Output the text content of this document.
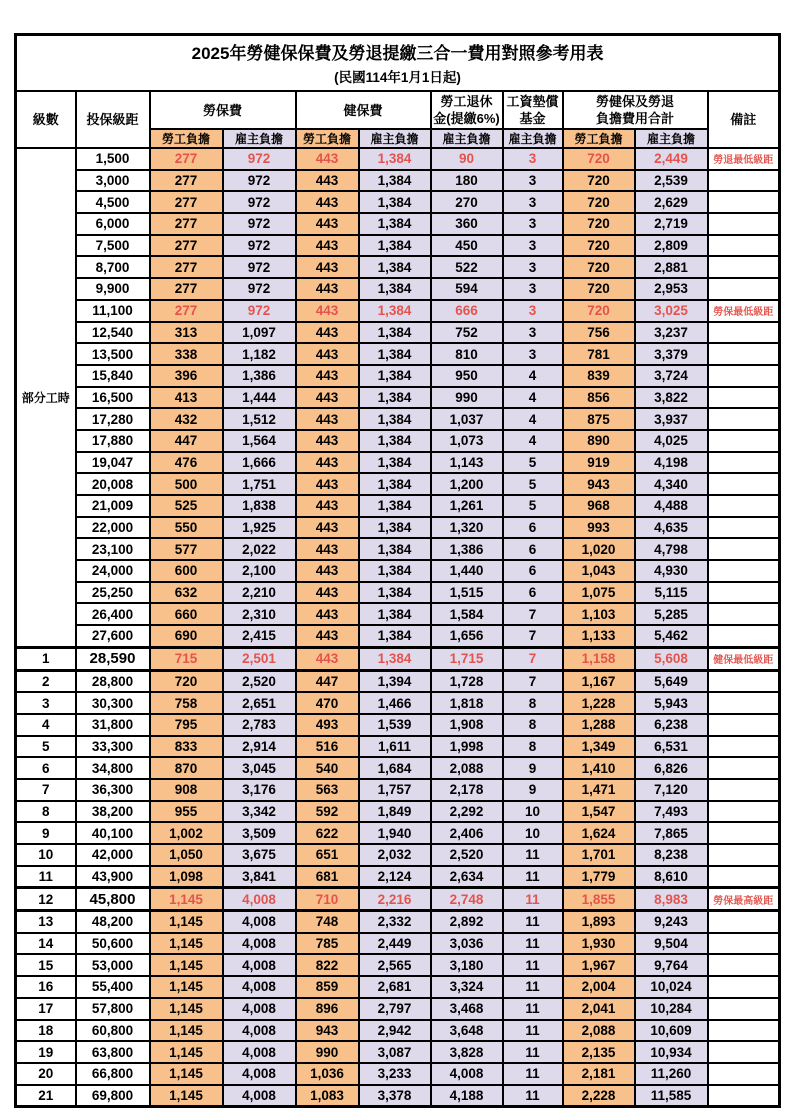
2025年勞健保保費及勞退提繳三合一費用對照參考用表
(民國114年1月1日起)										

級數	投保級距	勞保費		健保費		勞工退休
金(提繳6%)	工資墊償
基金	勞健保及勞退
負擔費用合計		備註
		勞工負擔	雇主負擔	勞工負擔	雇主負擔	雇主負擔	雇主負擔	勞工負擔	雇主負擔	
部分工時	1,500	277	972	443	1,384	90	3	720	2,449	勞退最低級距
	3,000	277	972	443	1,384	180	3	720	2,539	
	4,500	277	972	443	1,384	270	3	720	2,629	
	6,000	277	972	443	1,384	360	3	720	2,719	
	7,500	277	972	443	1,384	450	3	720	2,809	
	8,700	277	972	443	1,384	522	3	720	2,881	
	9,900	277	972	443	1,384	594	3	720	2,953	
	11,100	277	972	443	1,384	666	3	720	3,025	勞保最低級距
	12,540	313	1,097	443	1,384	752	3	756	3,237	
	13,500	338	1,182	443	1,384	810	3	781	3,379	
	15,840	396	1,386	443	1,384	950	4	839	3,724	
	16,500	413	1,444	443	1,384	990	4	856	3,822	
	17,280	432	1,512	443	1,384	1,037	4	875	3,937	
	17,880	447	1,564	443	1,384	1,073	4	890	4,025	
	19,047	476	1,666	443	1,384	1,143	5	919	4,198	
	20,008	500	1,751	443	1,384	1,200	5	943	4,340	
	21,009	525	1,838	443	1,384	1,261	5	968	4,488	
	22,000	550	1,925	443	1,384	1,320	6	993	4,635	
	23,100	577	2,022	443	1,384	1,386	6	1,020	4,798	
	24,000	600	2,100	443	1,384	1,440	6	1,043	4,930	
	25,250	632	2,210	443	1,384	1,515	6	1,075	5,115	
	26,400	660	2,310	443	1,384	1,584	7	1,103	5,285	
	27,600	690	2,415	443	1,384	1,656	7	1,133	5,462	
1	28,590	715	2,501	443	1,384	1,715	7	1,158	5,608	健保最低級距
2	28,800	720	2,520	447	1,394	1,728	7	1,167	5,649	
3	30,300	758	2,651	470	1,466	1,818	8	1,228	5,943	
4	31,800	795	2,783	493	1,539	1,908	8	1,288	6,238	
5	33,300	833	2,914	516	1,611	1,998	8	1,349	6,531	
6	34,800	870	3,045	540	1,684	2,088	9	1,410	6,826	
7	36,300	908	3,176	563	1,757	2,178	9	1,471	7,120	
8	38,200	955	3,342	592	1,849	2,292	10	1,547	7,493	
9	40,100	1,002	3,509	622	1,940	2,406	10	1,624	7,865	
10	42,000	1,050	3,675	651	2,032	2,520	11	1,701	8,238	
11	43,900	1,098	3,841	681	2,124	2,634	11	1,779	8,610	
12	45,800	1,145	4,008	710	2,216	2,748	11	1,855	8,983	勞保最高級距
13	48,200	1,145	4,008	748	2,332	2,892	11	1,893	9,243	
14	50,600	1,145	4,008	785	2,449	3,036	11	1,930	9,504	
15	53,000	1,145	4,008	822	2,565	3,180	11	1,967	9,764	
16	55,400	1,145	4,008	859	2,681	3,324	11	2,004	10,024	
17	57,800	1,145	4,008	896	2,797	3,468	11	2,041	10,284	
18	60,800	1,145	4,008	943	2,942	3,648	11	2,088	10,609	
19	63,800	1,145	4,008	990	3,087	3,828	11	2,135	10,934	
20	66,800	1,145	4,008	1,036	3,233	4,008	11	2,181	11,260	
21	69,800	1,145	4,008	1,083	3,378	4,188	11	2,228	11,585	
